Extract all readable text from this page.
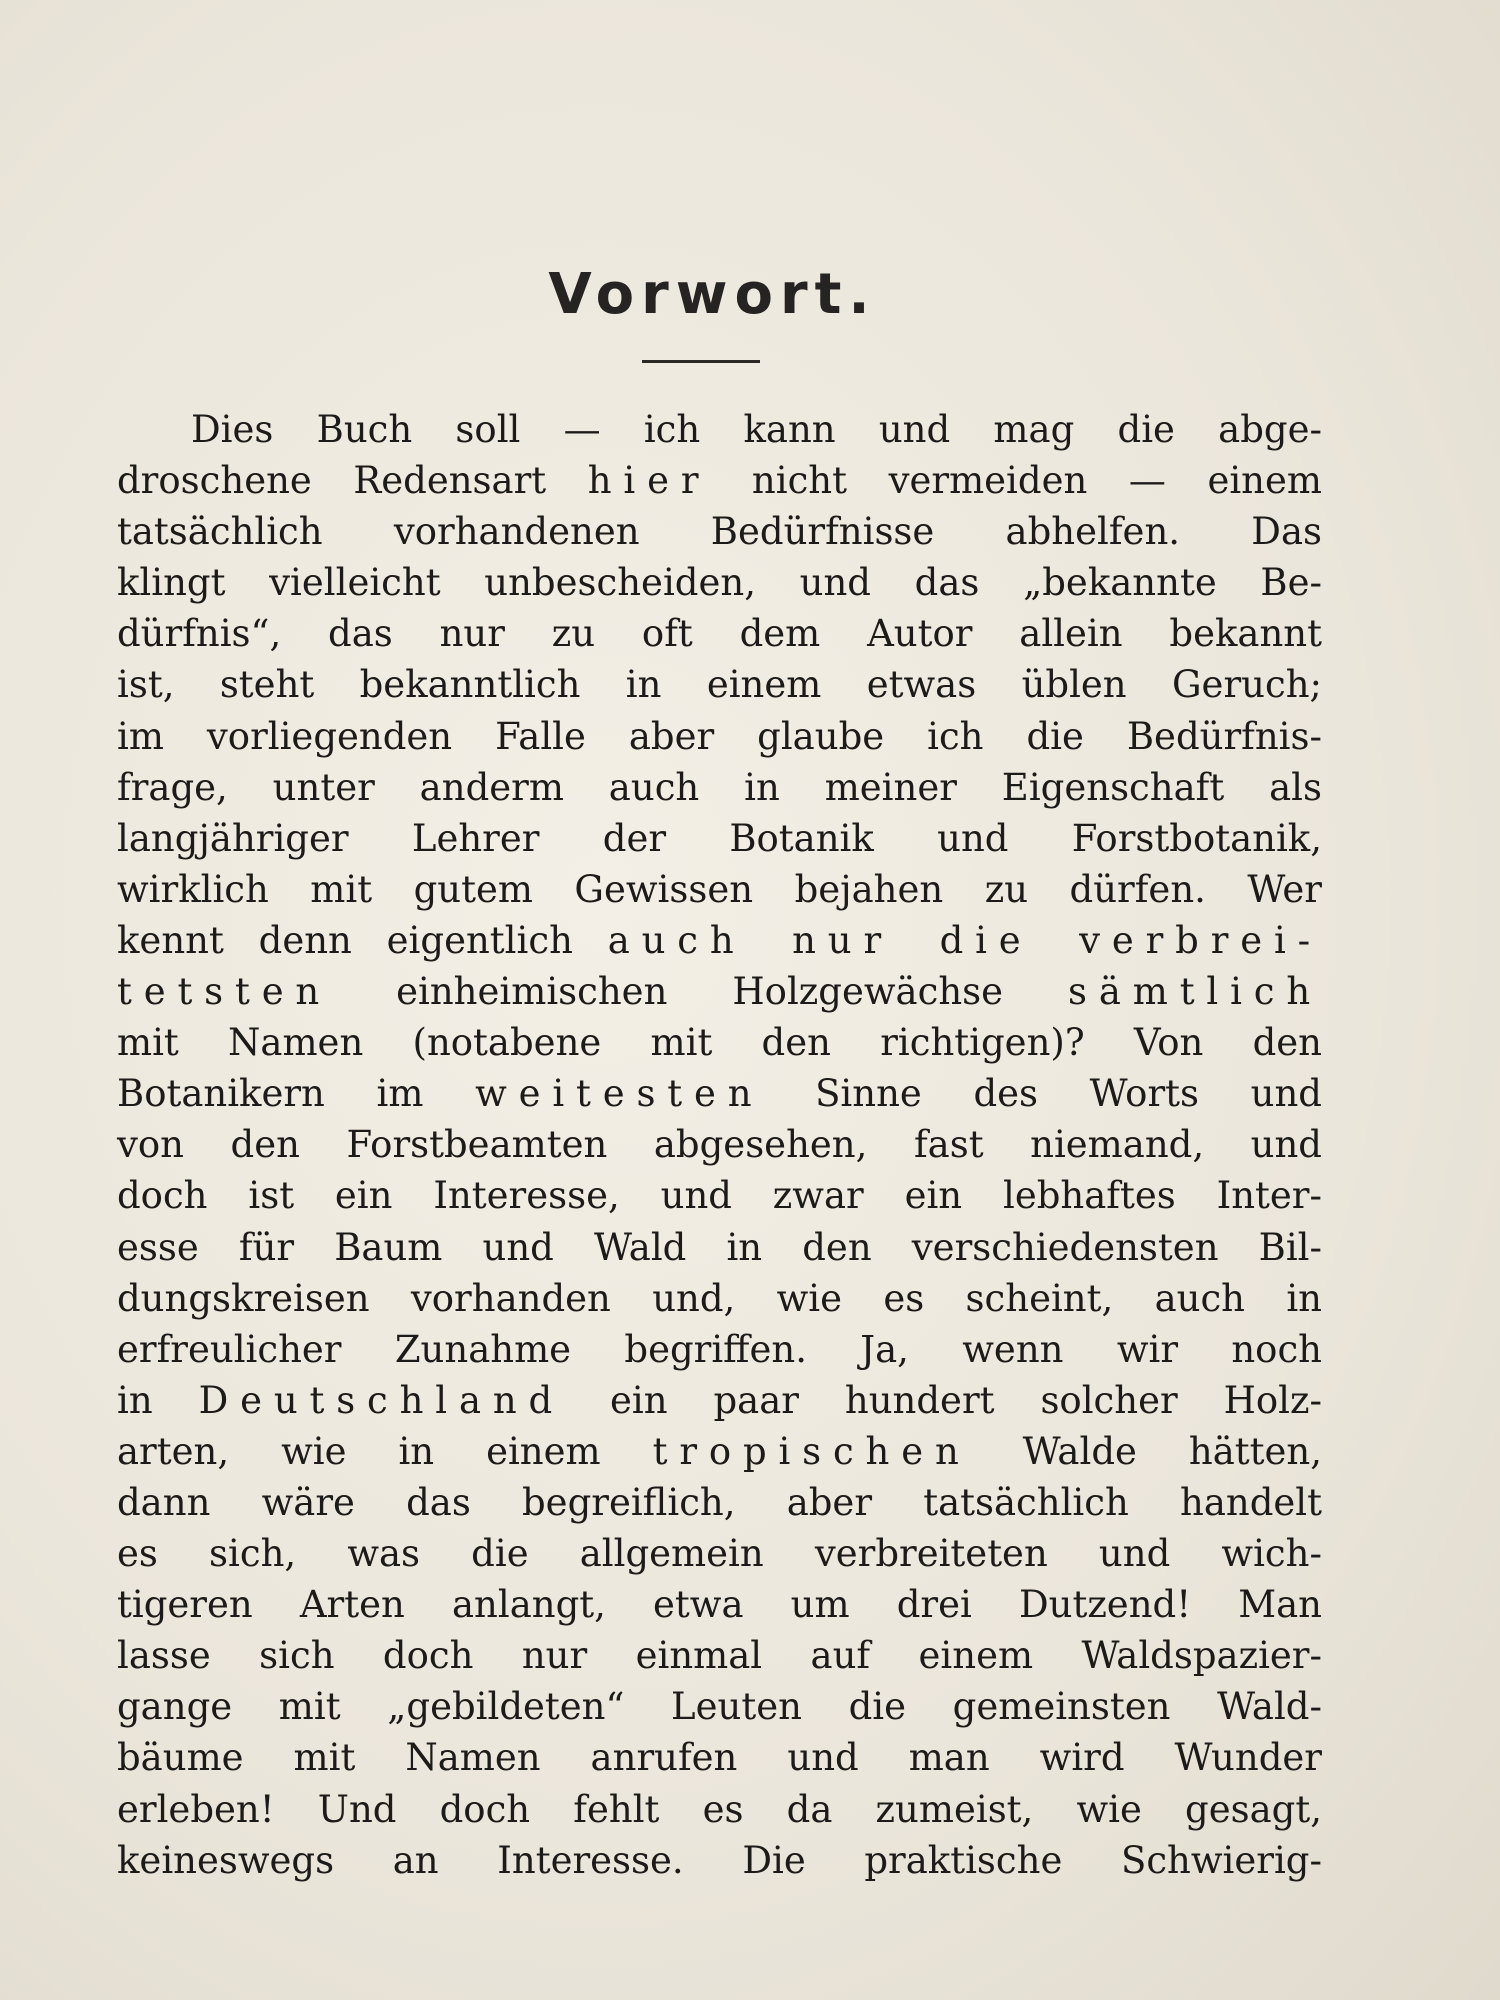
Vorwort.
Dies Buch soll — ich kann und mag die abge-
droschene Redensart hier nicht vermeiden — einem
tatsächlich vorhandenen Bedürfnisse abhelfen. Das
klingt vielleicht unbescheiden, und das „bekannte Be-
dürfnis“, das nur zu oft dem Autor allein bekannt
ist, steht bekanntlich in einem etwas üblen Geruch;
im vorliegenden Falle aber glaube ich die Bedürfnis-
frage, unter anderm auch in meiner Eigenschaft als
langjähriger Lehrer der Botanik und Forstbotanik,
wirklich mit gutem Gewissen bejahen zu dürfen. Wer
kennt denn eigentlich auch nur die verbrei-
tetsten einheimischen Holzgewächse sämtlich
mit Namen (notabene mit den richtigen)? Von den
Botanikern im weitesten Sinne des Worts und
von den Forstbeamten abgesehen, fast niemand, und
doch ist ein Interesse, und zwar ein lebhaftes Inter-
esse für Baum und Wald in den verschiedensten Bil-
dungskreisen vorhanden und, wie es scheint, auch in
erfreulicher Zunahme begriffen. Ja, wenn wir noch
in Deutschland ein paar hundert solcher Holz-
arten, wie in einem tropischen Walde hätten,
dann wäre das begreiflich, aber tatsächlich handelt
es sich, was die allgemein verbreiteten und wich-
tigeren Arten anlangt, etwa um drei Dutzend! Man
lasse sich doch nur einmal auf einem Waldspazier-
gange mit „gebildeten“ Leuten die gemeinsten Wald-
bäume mit Namen anrufen und man wird Wunder
erleben! Und doch fehlt es da zumeist, wie gesagt,
keineswegs an Interesse. Die praktische Schwierig-
